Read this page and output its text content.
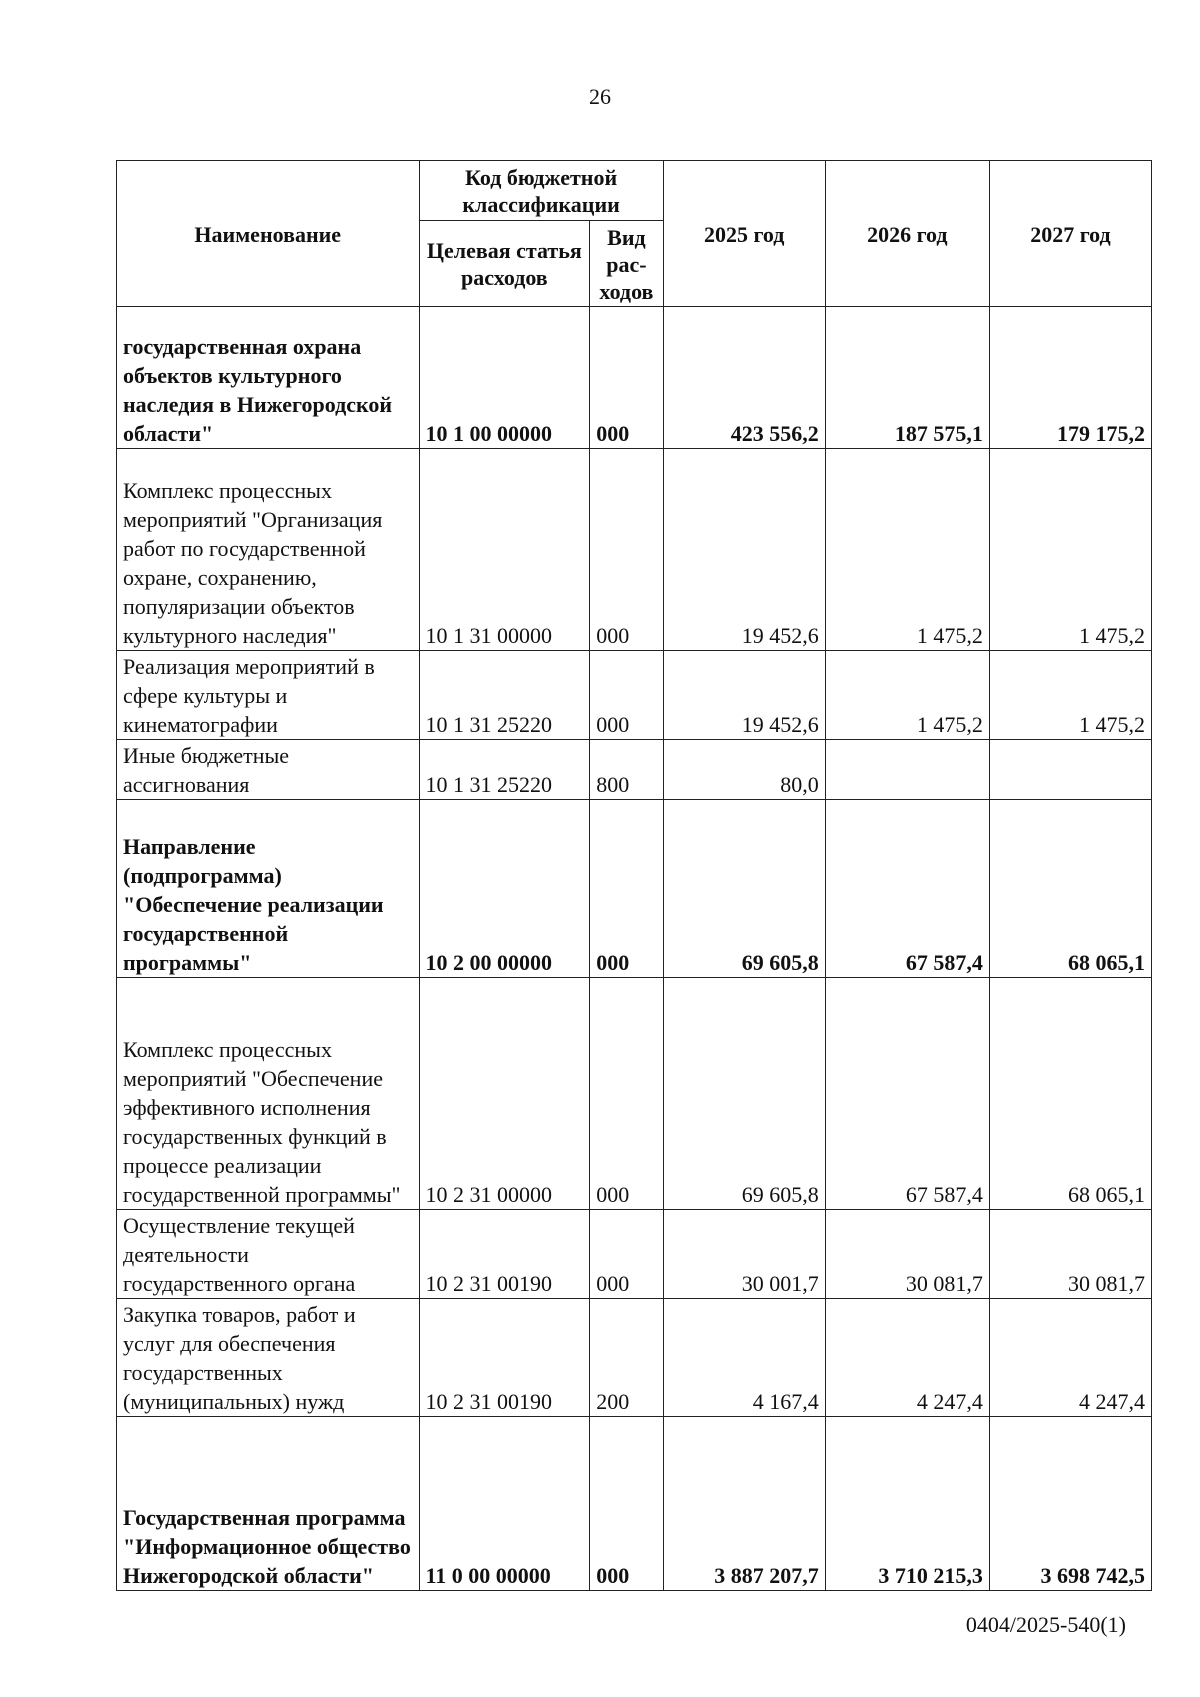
26
Наименование	Код бюджетной классификации		2025 год	2026 год	2027 год
	Целевая статья расходов	Вид рас-ходов			
государственная охрана объектов культурного наследия в Нижегородской области"	10 1 00 00000	000	423 556,2	187 575,1	179 175,2
Комплекс процессных мероприятий "Организация работ по государственной охране, сохранению, популяризации объектов культурного наследия"	10 1 31 00000	000	19 452,6	1 475,2	1 475,2
Реализация мероприятий в сфере культуры и кинематографии	10 1 31 25220	000	19 452,6	1 475,2	1 475,2
Иные бюджетные ассигнования	10 1 31 25220	800	80,0		
Направление (подпрограмма) "Обеспечение реализации государственной программы"	10 2 00 00000	000	69 605,8	67 587,4	68 065,1
Комплекс процессных мероприятий "Обеспечение эффективного исполнения государственных функций в процессе реализации государственной программы"	10 2 31 00000	000	69 605,8	67 587,4	68 065,1
Осуществление текущей деятельности государственного органа	10 2 31 00190	000	30 001,7	30 081,7	30 081,7
Закупка товаров, работ и услуг для обеспечения государственных (муниципальных) нужд	10 2 31 00190	200	4 167,4	4 247,4	4 247,4
Государственная программа "Информационное общество Нижегородской области"	11 0 00 00000	000	3 887 207,7	3 710 215,3	3 698 742,5
0404/2025-540(1)
